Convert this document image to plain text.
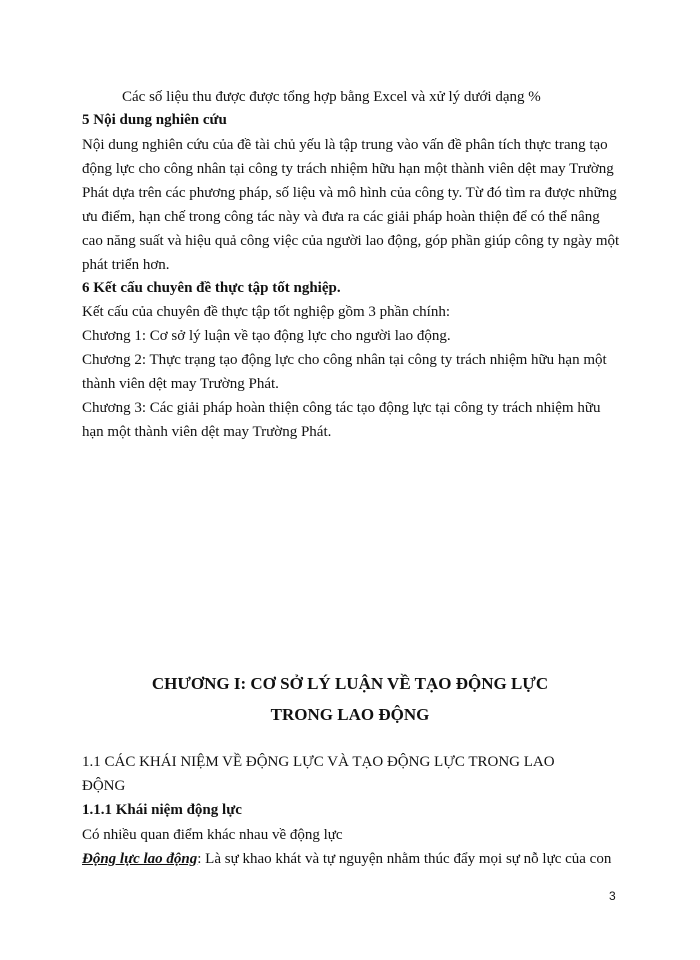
Các số liệu thu được được tổng hợp bằng Excel và xử lý dưới dạng %

5 Nội dung nghiên cứu

Nội dung nghiên cứu của đề tài chủ yếu là tập trung vào vấn đề phân tích thực trang tạo

động lực cho công nhân tại công ty trách nhiệm hữu hạn một thành viên dệt may Trường

Phát dựa trên các phương pháp, số liệu và mô hình của công ty. Từ đó tìm ra được những

ưu điểm, hạn chế trong công tác này và đưa ra các giải pháp hoàn thiện để có thể nâng

cao năng suất và hiệu quả công việc của người lao động, góp phần giúp công ty ngày một

phát triển hơn.

6 Kết cấu chuyên đề thực tập tốt nghiệp.

Kết cấu của chuyên đề thực tập tốt nghiệp gồm 3 phần chính:

Chương 1: Cơ sở lý luận về tạo động lực cho người lao động.

Chương 2: Thực trạng tạo động lực cho công nhân tại công ty trách nhiệm hữu hạn một

thành viên dệt may Trường Phát.

Chương 3: Các giải pháp hoàn thiện công tác tạo động lực tại công ty trách nhiệm hữu

hạn một thành viên dệt may Trường Phát.

CHƯƠNG I: CƠ SỞ LÝ LUẬN VỀ TẠO ĐỘNG LỰC

TRONG LAO ĐỘNG

1.1 CÁC KHÁI NIỆM VỀ ĐỘNG LỰC VÀ TẠO ĐỘNG LỰC TRONG LAO

ĐỘNG

1.1.1 Khái niệm động lực

Có nhiều quan điểm khác nhau về động lực

Động lực lao động: Là sự khao khát và tự nguyện nhằm thúc đẩy mọi sự nỗ lực của con

3
